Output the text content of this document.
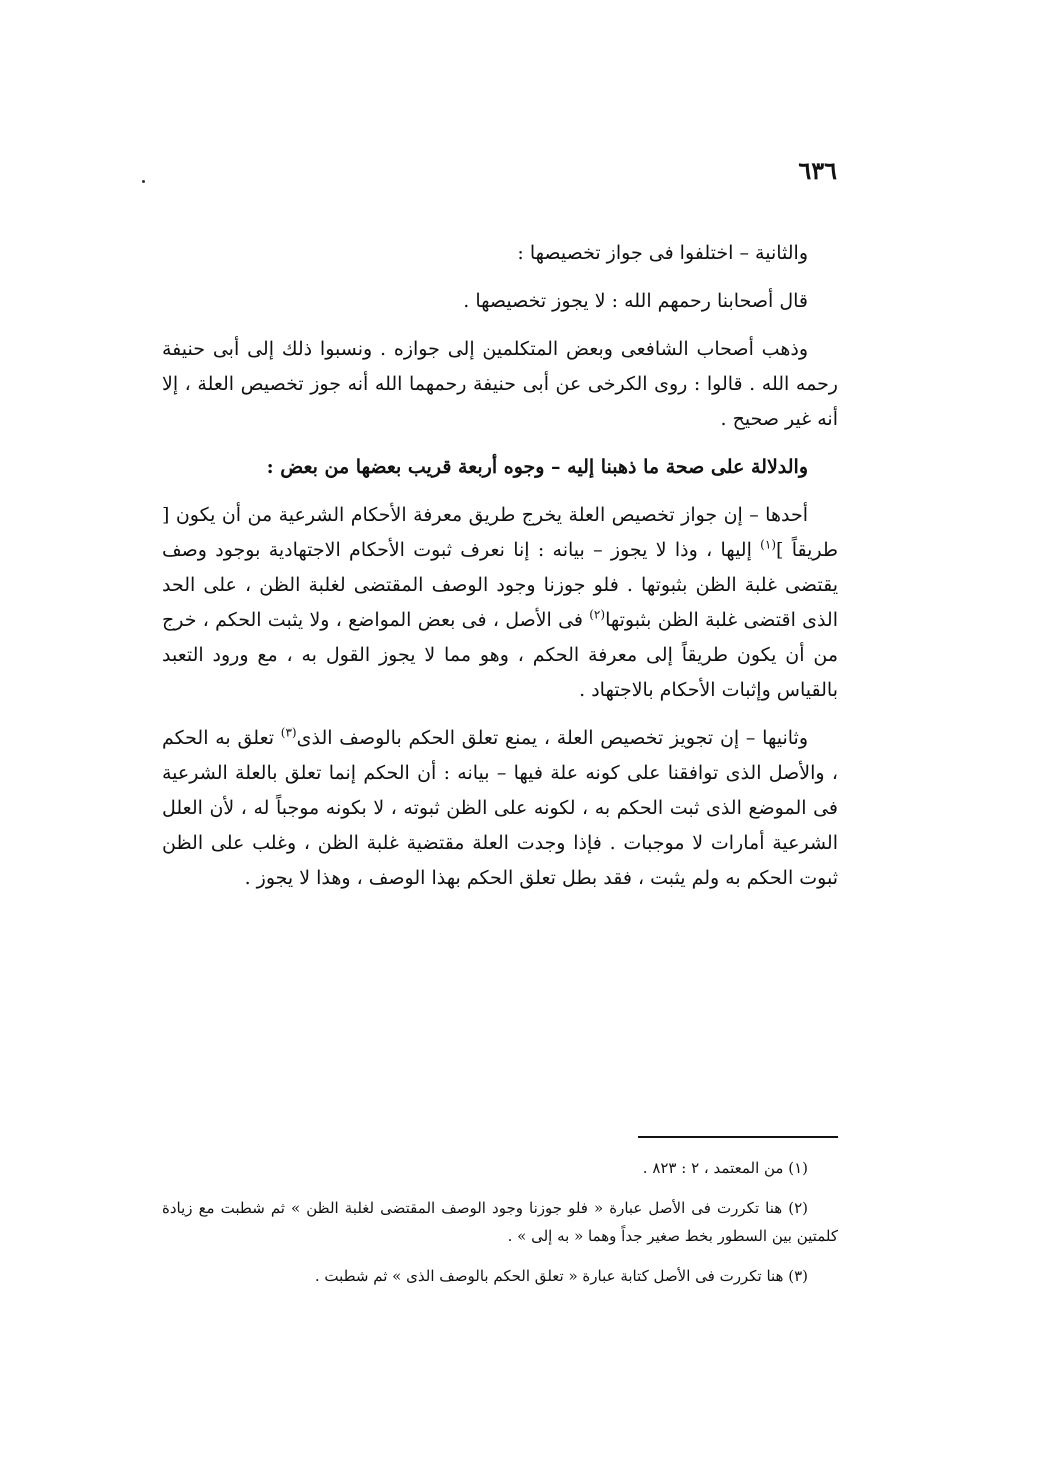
٦٣٦

والثانية – اختلفوا فى جواز تخصيصها :

قال أصحابنا رحمهم الله : لا يجوز تخصيصها .

وذهب أصحاب الشافعى وبعض المتكلمين إلى جوازه . ونسبوا ذلك إلى أبى حنيفة رحمه الله . قالوا : روى الكرخى عن أبى حنيفة رحمهما الله أنه جوز تخصيص العلة ، إلا أنه غير صحيح .

والدلالة على صحة ما ذهبنا إليه – وجوه أربعة قريب بعضها من بعض :

أحدها – إن جواز تخصيص العلة يخرج طريق معرفة الأحكام الشرعية من أن يكون [ طريقاً ]$^{(١)}$ إليها ، وذا لا يجوز – بيانه : إنا نعرف ثبوت الأحكام الاجتهادية بوجود وصف يقتضى غلبة الظن بثبوتها . فلو جوزنا وجود الوصف المقتضى لغلبة الظن ، على الحد الذى اقتضى غلبة الظن بثبوتها$^{(٢)}$ فى الأصل ، فى بعض المواضع ، ولا يثبت الحكم ، خرج من أن يكون طريقاً إلى معرفة الحكم ، وهو مما لا يجوز القول به ، مع ورود التعبد بالقياس وإثبات الأحكام بالاجتهاد .

وثانيها – إن تجويز تخصيص العلة ، يمنع تعلق الحكم بالوصف الذى$^{(٣)}$ تعلق به الحكم ، والأصل الذى توافقنا على كونه علة فيها – بيانه : أن الحكم إنما تعلق بالعلة الشرعية فى الموضع الذى ثبت الحكم به ، لكونه على الظن ثبوته ، لا بكونه موجباً له ، لأن العلل الشرعية أمارات لا موجبات . فإذا وجدت العلة مقتضية غلبة الظن ، وغلب على الظن ثبوت الحكم به ولم يثبت ، فقد بطل تعلق الحكم بهذا الوصف ، وهذا لا يجوز .

(١) من المعتمد ، ٢ : ٨٢٣ .

(٢) هنا تكررت فى الأصل عبارة « فلو جوزنا وجود الوصف المقتضى لغلبة الظن » ثم شطبت مع زيادة كلمتين بين السطور بخط صغير جداً وهما « به إلى » .

(٣) هنا تكررت فى الأصل كتابة عبارة « تعلق الحكم بالوصف الذى » ثم شطبت .
